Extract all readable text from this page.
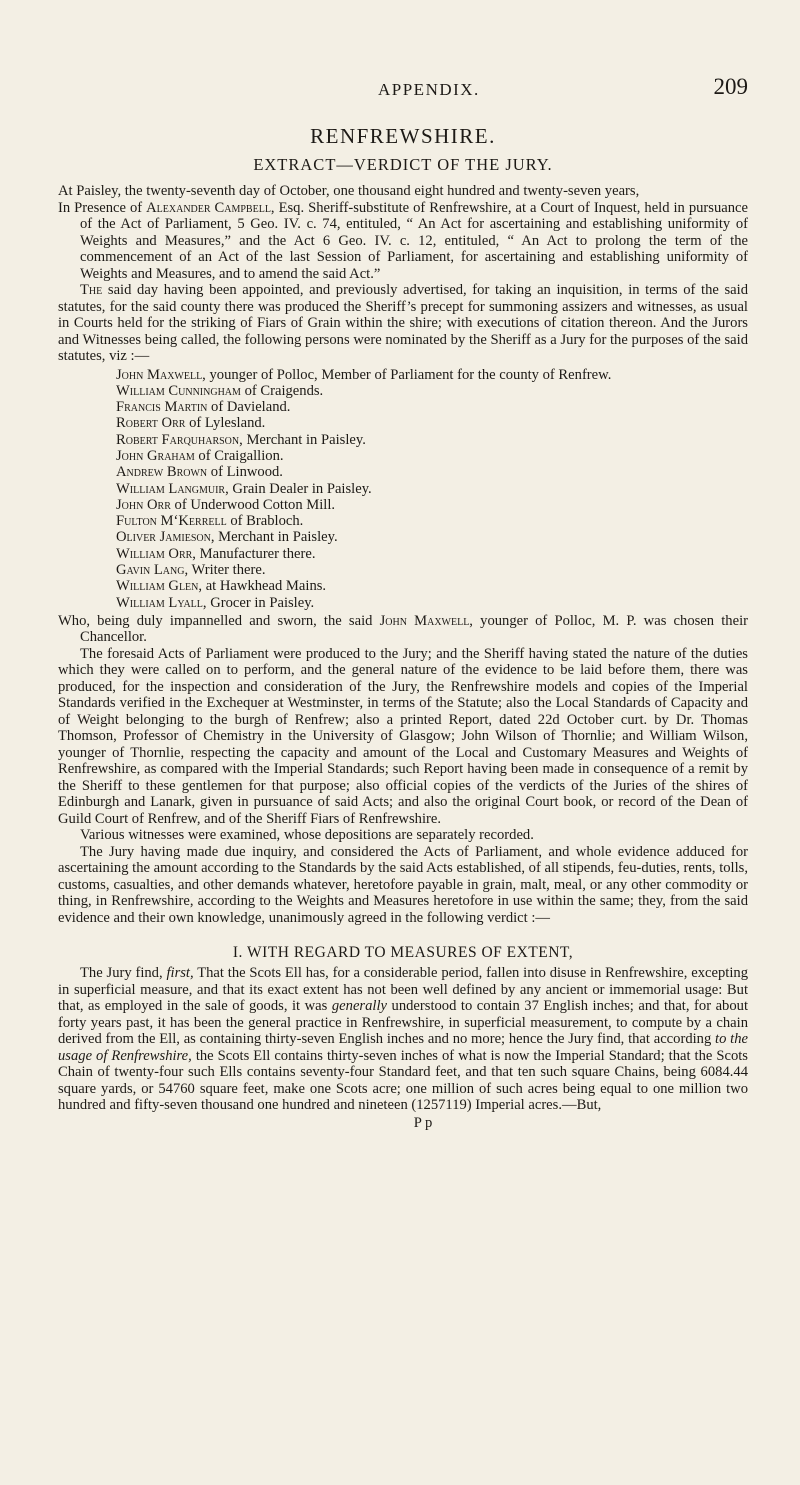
APPENDIX.	209
RENFREWSHIRE.
EXTRACT—VERDICT OF THE JURY.

At Paisley, the twenty-seventh day of October, one thousand eight hundred and twenty-seven years,

In Presence of Alexander Campbell, Esq. Sheriff-substitute of Renfrewshire, at a Court of Inquest, held in pursuance of the Act of Parliament, 5 Geo. IV. c. 74, entituled, “ An Act for ascertaining and establishing uniformity of Weights and Measures,” and the Act 6 Geo. IV. c. 12, entituled, “ An Act to prolong the term of the commencement of an Act of the last Session of Parliament, for ascertaining and establishing uniformity of Weights and Measures, and to amend the said Act.”

The said day having been appointed, and previously advertised, for taking an inquisition, in terms of the said statutes, for the said county there was produced the Sheriff’s precept for summoning assizers and witnesses, as usual in Courts held for the striking of Fiars of Grain within the shire; with executions of citation thereon. And the Jurors and Witnesses being called, the following persons were nominated by the Sheriff as a Jury for the purposes of the said statutes, viz :—

John Maxwell, younger of Polloc, Member of Parliament for the county of Renfrew.
William Cunningham of Craigends.
Francis Martin of Davieland.
Robert Orr of Lylesland.
Robert Farquharson, Merchant in Paisley.
John Graham of Craigallion.
Andrew Brown of Linwood.
William Langmuir, Grain Dealer in Paisley.
John Orr of Underwood Cotton Mill.
Fulton M‘Kerrell of Brabloch.
Oliver Jamieson, Merchant in Paisley.
William Orr, Manufacturer there.
Gavin Lang, Writer there.
William Glen, at Hawkhead Mains.
William Lyall, Grocer in Paisley.

Who, being duly impannelled and sworn, the said John Maxwell, younger of Polloc, M. P. was chosen their Chancellor.

The foresaid Acts of Parliament were produced to the Jury; and the Sheriff having stated the nature of the duties which they were called on to perform, and the general nature of the evidence to be laid before them, there was produced, for the inspection and consideration of the Jury, the Renfrewshire models and copies of the Imperial Standards verified in the Exchequer at Westminster, in terms of the Statute; also the Local Standards of Capacity and of Weight belonging to the burgh of Renfrew; also a printed Report, dated 22d October curt. by Dr. Thomas Thomson, Professor of Chemistry in the University of Glasgow; John Wilson of Thornlie; and William Wilson, younger of Thornlie, respecting the capacity and amount of the Local and Customary Measures and Weights of Renfrewshire, as compared with the Imperial Standards; such Report having been made in consequence of a remit by the Sheriff to these gentlemen for that purpose; also official copies of the verdicts of the Juries of the shires of Edinburgh and Lanark, given in pursuance of said Acts; and also the original Court book, or record of the Dean of Guild Court of Renfrew, and of the Sheriff Fiars of Renfrewshire.

Various witnesses were examined, whose depositions are separately recorded.

The Jury having made due inquiry, and considered the Acts of Parliament, and whole evidence adduced for ascertaining the amount according to the Standards by the said Acts established, of all stipends, feu-duties, rents, tolls, customs, casualties, and other demands whatever, heretofore payable in grain, malt, meal, or any other commodity or thing, in Renfrewshire, according to the Weights and Measures heretofore in use within the same; they, from the said evidence and their own knowledge, unanimously agreed in the following verdict :—

I. WITH REGARD TO MEASURES OF EXTENT,

The Jury find, first, That the Scots Ell has, for a considerable period, fallen into disuse in Renfrewshire, excepting in superficial measure, and that its exact extent has not been well defined by any ancient or immemorial usage: But that, as employed in the sale of goods, it was generally understood to contain 37 English inches; and that, for about forty years past, it has been the general practice in Renfrewshire, in superficial measurement, to compute by a chain derived from the Ell, as containing thirty-seven English inches and no more; hence the Jury find, that according to the usage of Renfrewshire, the Scots Ell contains thirty-seven inches of what is now the Imperial Standard; that the Scots Chain of twenty-four such Ells contains seventy-four Standard feet, and that ten such square Chains, being 6084.44 square yards, or 54760 square feet, make one Scots acre; one million of such acres being equal to one million two hundred and fifty-seven thousand one hundred and nineteen (1257119) Imperial acres.—But,

P p
